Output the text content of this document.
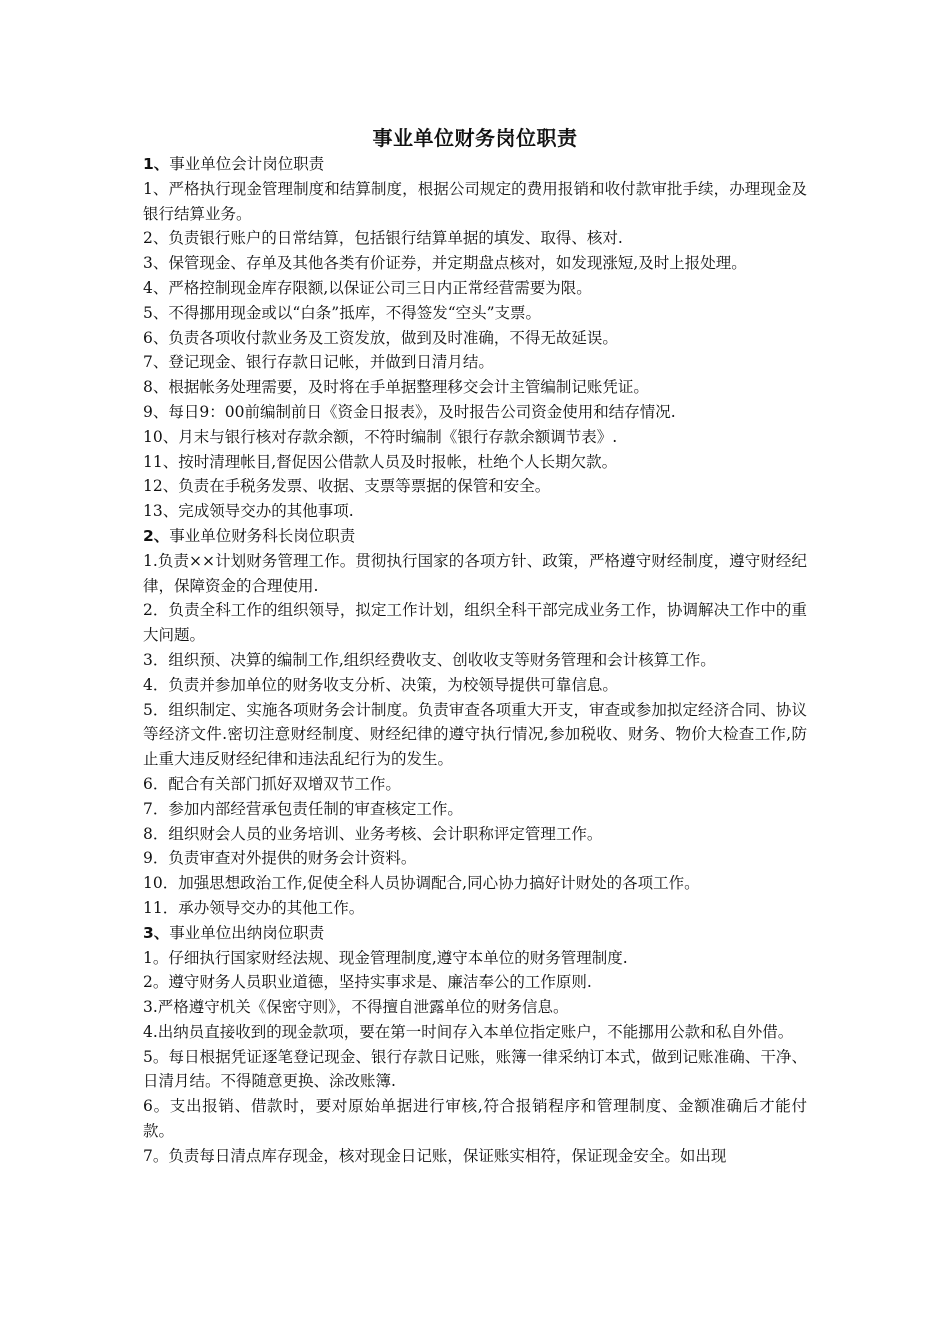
事业单位财务岗位职责
1、事业单位会计岗位职责
1、严格执行现金管理制度和结算制度，根据公司规定的费用报销和收付款审批手续，办理现金及银行结算业务。
2、负责银行账户的日常结算，包括银行结算单据的填发、取得、核对.
3、保管现金、存单及其他各类有价证券，并定期盘点核对，如发现涨短,及时上报处理。
4、严格控制现金库存限额,以保证公司三日内正常经营需要为限。
5、不得挪用现金或以“白条”抵库，不得签发“空头”支票。
6、负责各项收付款业务及工资发放，做到及时准确，不得无故延误。
7、登记现金、银行存款日记帐，并做到日清月结。
8、根据帐务处理需要，及时将在手单据整理移交会计主管编制记账凭证。
9、每日9：00前编制前日《资金日报表》，及时报告公司资金使用和结存情况.
10、月末与银行核对存款余额，不符时编制《银行存款余额调节表》.
11、按时清理帐目,督促因公借款人员及时报帐，杜绝个人长期欠款。
12、负责在手税务发票、收据、支票等票据的保管和安全。
13、完成领导交办的其他事项.
2、事业单位财务科长岗位职责
1.负责××计划财务管理工作。贯彻执行国家的各项方针、政策，严格遵守财经制度，遵守财经纪律，保障资金的合理使用.
2．负责全科工作的组织领导，拟定工作计划，组织全科干部完成业务工作，协调解决工作中的重大问题。
3．组织预、决算的编制工作,组织经费收支、创收收支等财务管理和会计核算工作。
4．负责并参加单位的财务收支分析、决策，为校领导提供可靠信息。
5．组织制定、实施各项财务会计制度。负责审查各项重大开支，审查或参加拟定经济合同、协议等经济文件.密切注意财经制度、财经纪律的遵守执行情况,参加税收、财务、物价大检查工作,防止重大违反财经纪律和违法乱纪行为的发生。
6．配合有关部门抓好双增双节工作。
7．参加内部经营承包责任制的审查核定工作。
8．组织财会人员的业务培训、业务考核、会计职称评定管理工作。
9．负责审查对外提供的财务会计资料。
10．加强思想政治工作,促使全科人员协调配合,同心协力搞好计财处的各项工作。
11．承办领导交办的其他工作。
3、事业单位出纳岗位职责
1。仔细执行国家财经法规、现金管理制度,遵守本单位的财务管理制度.
2。遵守财务人员职业道德，坚持实事求是、廉洁奉公的工作原则.
3.严格遵守机关《保密守则》，不得擅自泄露单位的财务信息。
4.出纳员直接收到的现金款项，要在第一时间存入本单位指定账户，不能挪用公款和私自外借。
5。每日根据凭证逐笔登记现金、银行存款日记账，账簿一律采纳订本式，做到记账准确、干净、日清月结。不得随意更换、涂改账簿.
6。支出报销、借款时，要对原始单据进行审核,符合报销程序和管理制度、金额准确后才能付款。
7。负责每日清点库存现金，核对现金日记账，保证账实相符，保证现金安全。如出现
